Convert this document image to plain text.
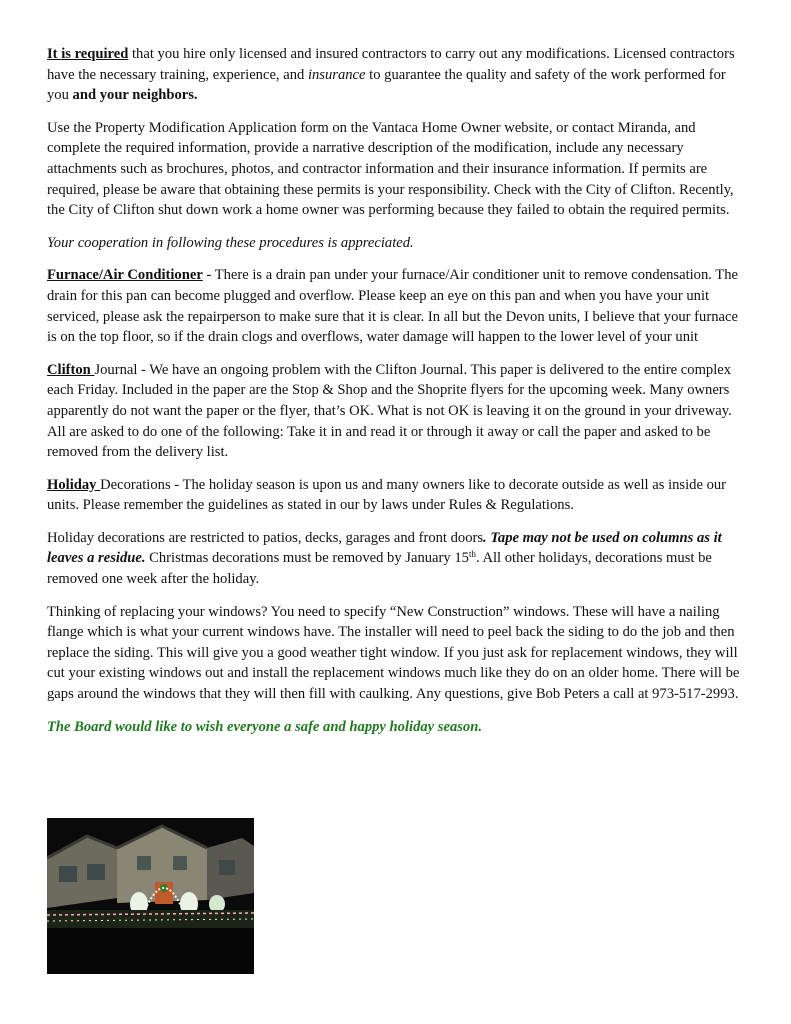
It is required that you hire only licensed and insured contractors to carry out any modifications. Licensed contractors have the necessary training, experience, and insurance to guarantee the quality and safety of the work performed for you and your neighbors.

Use the Property Modification Application form on the Vantaca Home Owner website, or contact Miranda, and complete the required information, provide a narrative description of the modification, include any necessary attachments such as brochures, photos, and contractor information and their insurance information. If permits are required, please be aware that obtaining these permits is your responsibility. Check with the City of Clifton. Recently, the City of Clifton shut down work a home owner was performing because they failed to obtain the required permits.

Your cooperation in following these procedures is appreciated.

Furnace/Air Conditioner - There is a drain pan under your furnace/Air conditioner unit to remove condensation. The drain for this pan can become plugged and overflow. Please keep an eye on this pan and when you have your unit serviced, please ask the repairperson to make sure that it is clear. In all but the Devon units, I believe that your furnace is on the top floor, so if the drain clogs and overflows, water damage will happen to the lower level of your unit

Clifton Journal - We have an ongoing problem with the Clifton Journal. This paper is delivered to the entire complex each Friday. Included in the paper are the Stop & Shop and the Shoprite flyers for the upcoming week. Many owners apparently do not want the paper or the flyer, that’s OK. What is not OK is leaving it on the ground in your driveway. All are asked to do one of the following: Take it in and read it or through it away or call the paper and asked to be removed from the delivery list.

Holiday Decorations - The holiday season is upon us and many owners like to decorate outside as well as inside our units. Please remember the guidelines as stated in our by laws under Rules & Regulations.

Holiday decorations are restricted to patios, decks, garages and front doors. Tape may not be used on columns as it leaves a residue. Christmas decorations must be removed by January 15th. All other holidays, decorations must be removed one week after the holiday.

Thinking of replacing your windows? You need to specify “New Construction” windows. These will have a nailing flange which is what your current windows have. The installer will need to peel back the siding to do the job and then replace the siding. This will give you a good weather tight window. If you just ask for replacement windows, they will cut your existing windows out and install the replacement windows much like they do on an older home. There will be gaps around the windows that they will then fill with caulking. Any questions, give Bob Peters a call at 973-517-2993.

The Board would like to wish everyone a safe and happy holiday season.
